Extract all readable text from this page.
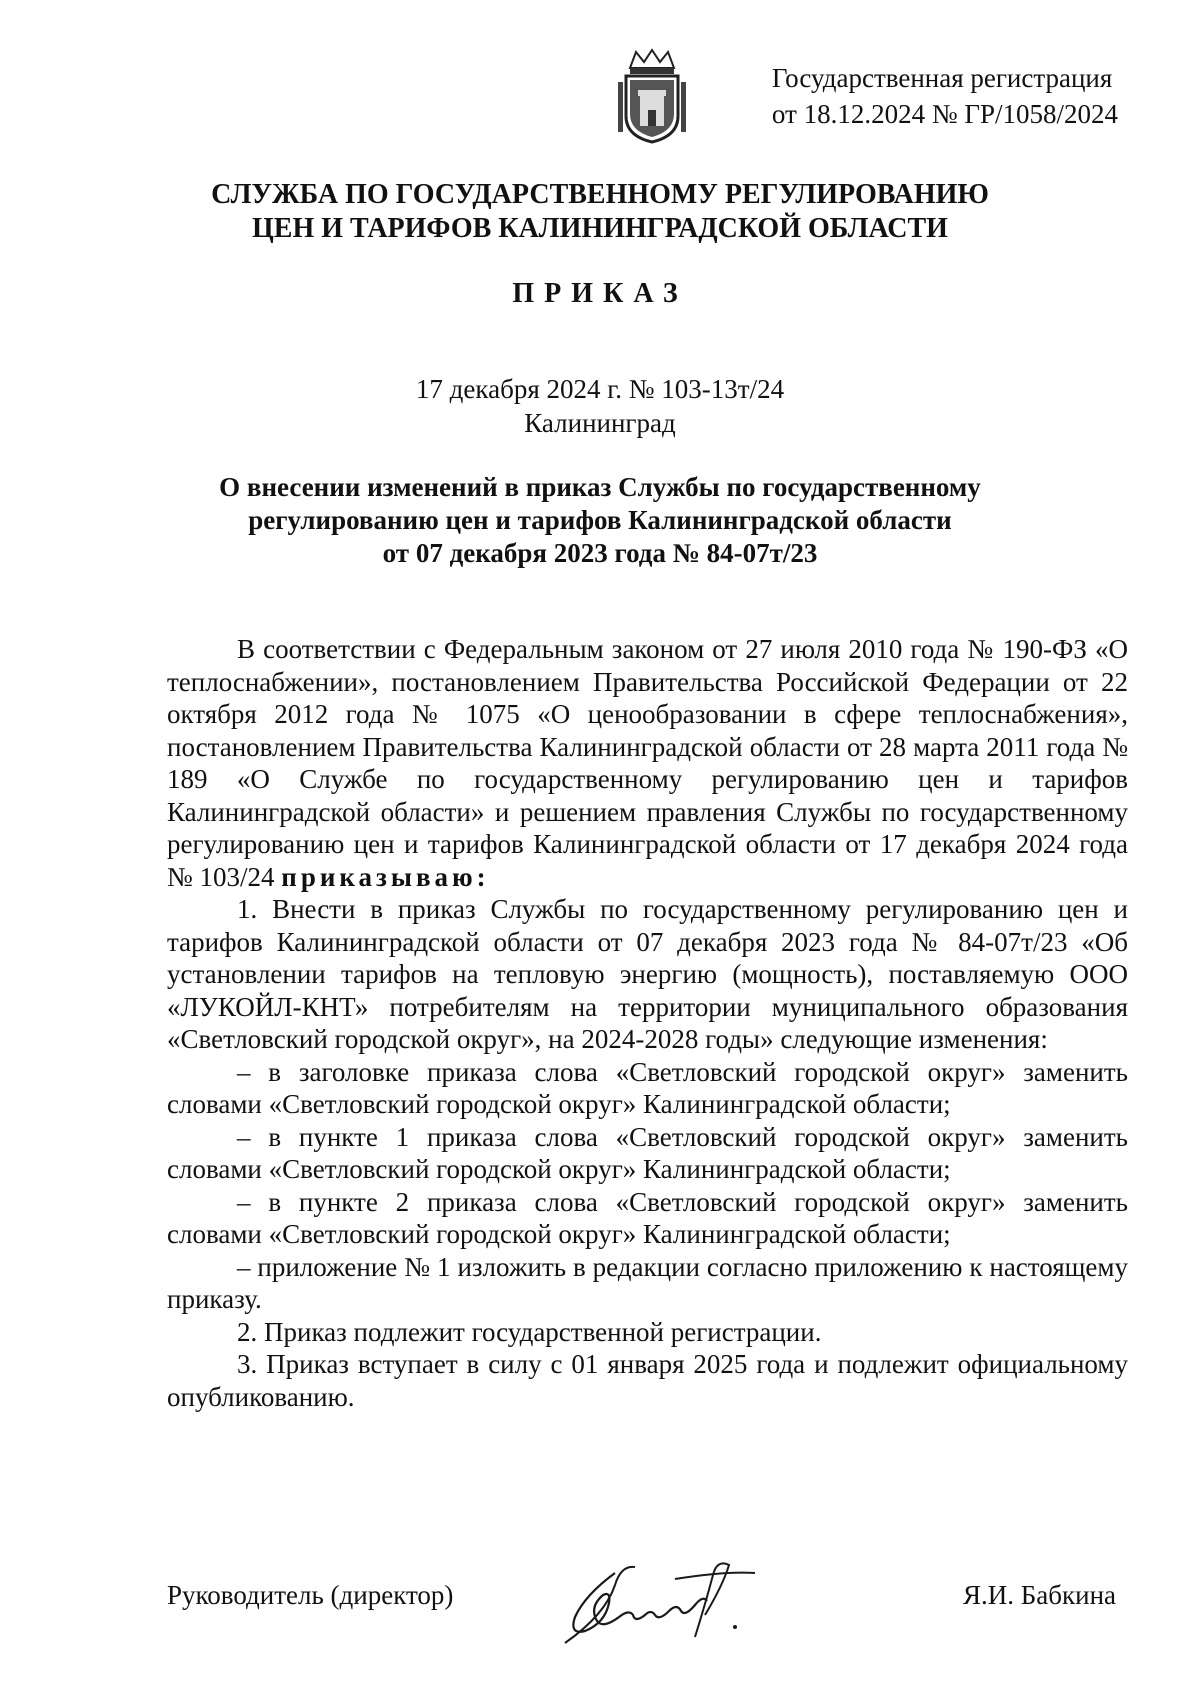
Государственная регистрация
от 18.12.2024 № ГР/1058/2024
СЛУЖБА ПО ГОСУДАРСТВЕННОМУ РЕГУЛИРОВАНИЮ
ЦЕН И ТАРИФОВ КАЛИНИНГРАДСКОЙ ОБЛАСТИ
ПРИКАЗ
17 декабря 2024 г. № 103-13т/24
Калининград
О внесении изменений в приказ Службы по государственному
регулированию цен и тарифов Калининградской области
от 07 декабря 2023 года № 84-07т/23

В соответствии с Федеральным законом от 27 июля 2010 года № 190-ФЗ «О теплоснабжении», постановлением Правительства Российской Федерации от 22 октября 2012 года № 1075 «О ценообразовании в сфере теплоснабжения», постановлением Правительства Калининградской области от 28 марта 2011 года № 189 «О Службе по государственному регулированию цен и тарифов Калининградской области» и решением правления Службы по государственному регулированию цен и тарифов Калининградской области от 17 декабря 2024 года № 103/24 приказываю:

1. Внести в приказ Службы по государственному регулированию цен и тарифов Калининградской области от 07 декабря 2023 года № 84-07т/23 «Об установлении тарифов на тепловую энергию (мощность), поставляемую ООО «ЛУКОЙЛ-КНТ» потребителям на территории муниципального образования «Светловский городской округ», на 2024-2028 годы» следующие изменения:

– в заголовке приказа слова «Светловский городской округ» заменить словами «Светловский городской округ» Калининградской области;

– в пункте 1 приказа слова «Светловский городской округ» заменить словами «Светловский городской округ» Калининградской области;

– в пункте 2 приказа слова «Светловский городской округ» заменить словами «Светловский городской округ» Калининградской области;

– приложение № 1 изложить в редакции согласно приложению к настоящему приказу.

2. Приказ подлежит государственной регистрации.

3. Приказ вступает в силу с 01 января 2025 года и подлежит официальному опубликованию.

Руководитель (директор)	Я.И. Бабкина
